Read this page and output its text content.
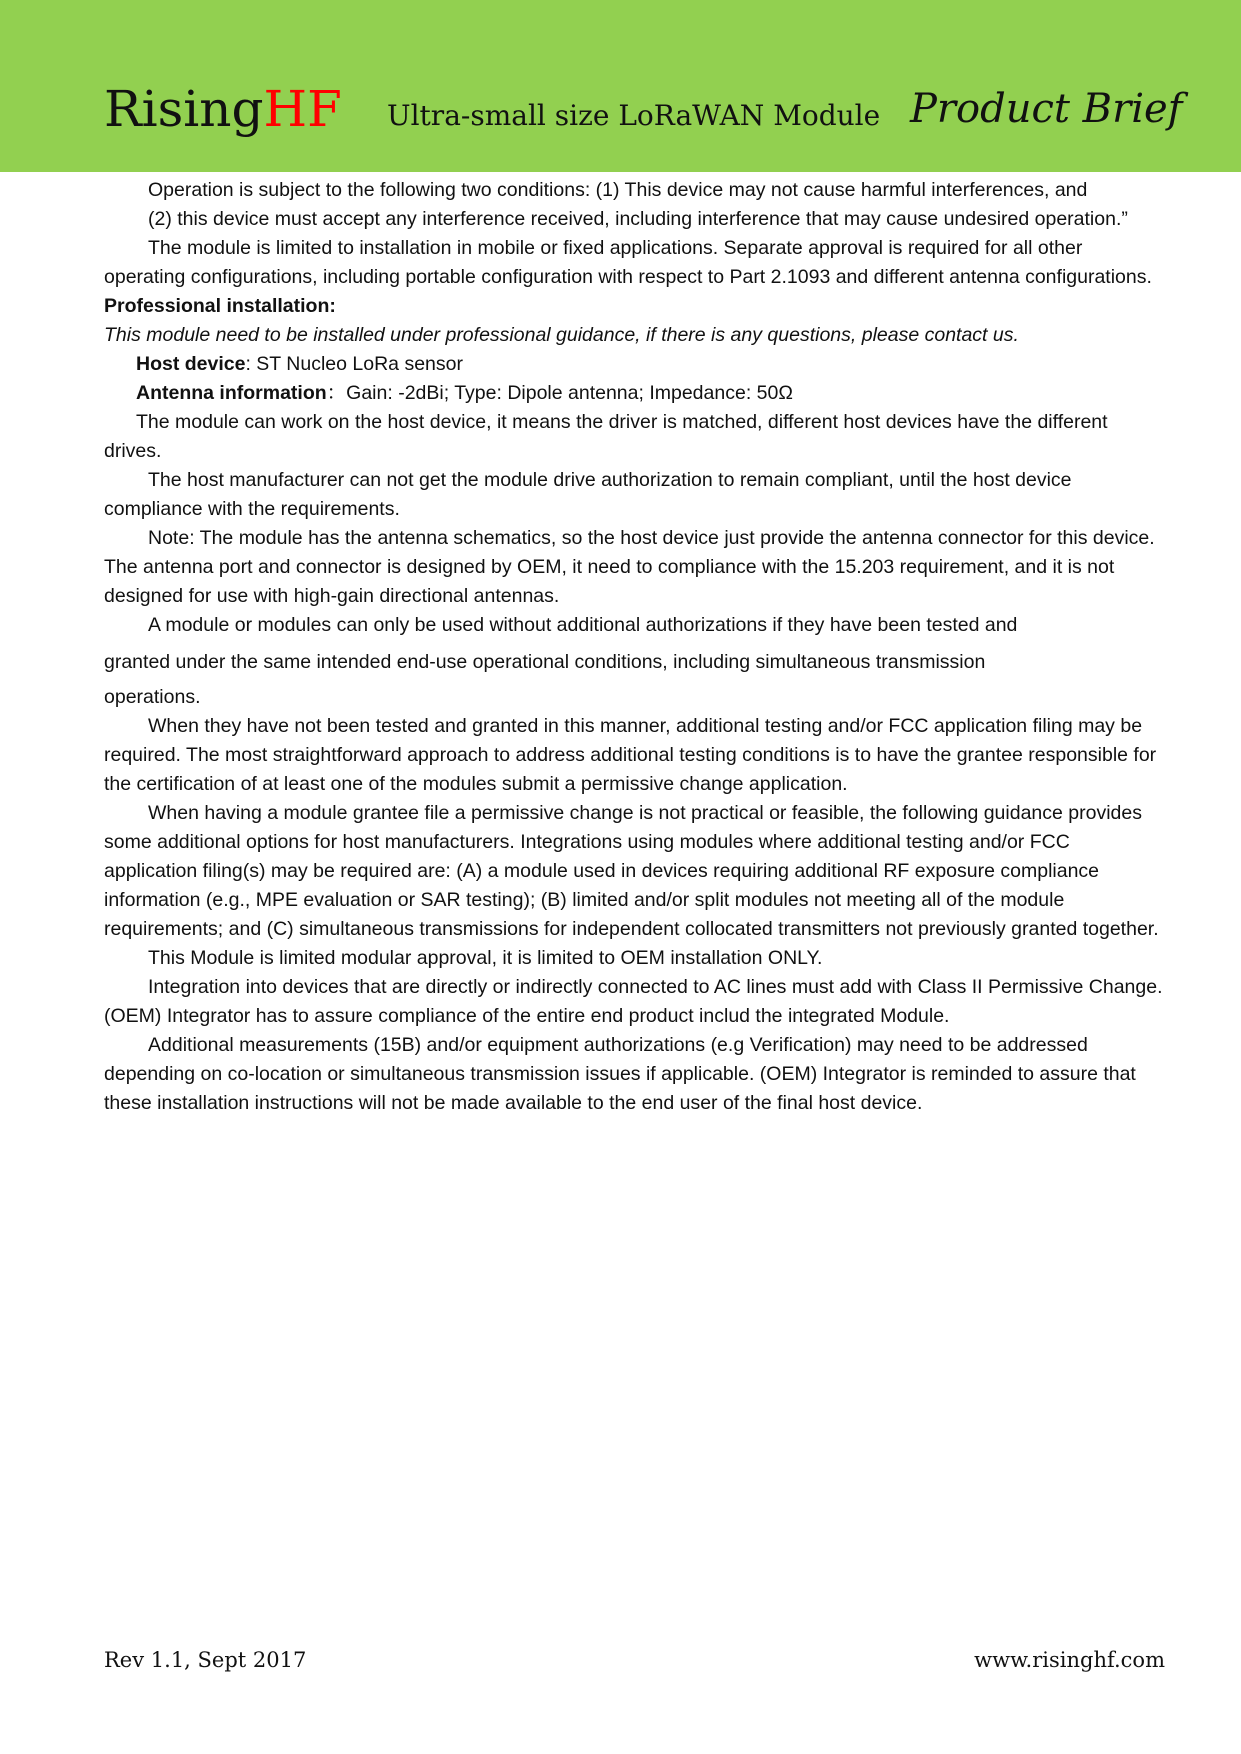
RisingHF Ultra-small size LoRaWAN Module Product Brief

Operation is subject to the following two conditions: (1) This device may not cause harmful interferences, and

(2) this device must accept any interference received, including interference that may cause undesired operation.”

The module is limited to installation in mobile or fixed applications. Separate approval is required for all other operating configurations, including portable configuration with respect to Part 2.1093 and different antenna configurations.

Professional installation:

This module need to be installed under professional guidance, if there is any questions, please contact us.

Host device: ST Nucleo LoRa sensor

Antenna information：Gain: -2dBi; Type: Dipole antenna; Impedance: 50Ω

The module can work on the host device, it means the driver is matched, different host devices have the different drives.

The host manufacturer can not get the module drive authorization to remain compliant, until the host device compliance with the requirements.

Note: The module has the antenna schematics, so the host device just provide the antenna connector for this device. The antenna port and connector is designed by OEM, it need to compliance with the 15.203 requirement, and it is not designed for use with high-gain directional antennas.

A module or modules can only be used without additional authorizations if they have been tested and

granted under the same intended end‐use operational conditions, including simultaneous transmission

operations.

When they have not been tested and granted in this manner, additional testing and/or FCC application filing may be required. The most straightforward approach to address additional testing conditions is to have the grantee responsible for the certification of at least one of the modules submit a permissive change application.

When having a module grantee file a permissive change is not practical or feasible, the following guidance provides some additional options for host manufacturers. Integrations using modules where additional testing and/or FCC application filing(s) may be required are: (A) a module used in devices requiring additional RF exposure compliance information (e.g., MPE evaluation or SAR testing); (B) limited and/or split modules not meeting all of the module requirements; and (C) simultaneous transmissions for independent collocated transmitters not previously granted together.

This Module is limited modular approval, it is limited to OEM installation ONLY.

Integration into devices that are directly or indirectly connected to AC lines must add with Class II Permissive Change. (OEM) Integrator has to assure compliance of the entire end product includ the integrated Module.

Additional measurements (15B) and/or equipment authorizations (e.g Verification) may need to be addressed depending on co-location or simultaneous transmission issues if applicable. (OEM) Integrator is reminded to assure that these installation instructions will not be made available to the end user of the final host device.

Rev 1.1, Sept 2017	www.risinghf.com
